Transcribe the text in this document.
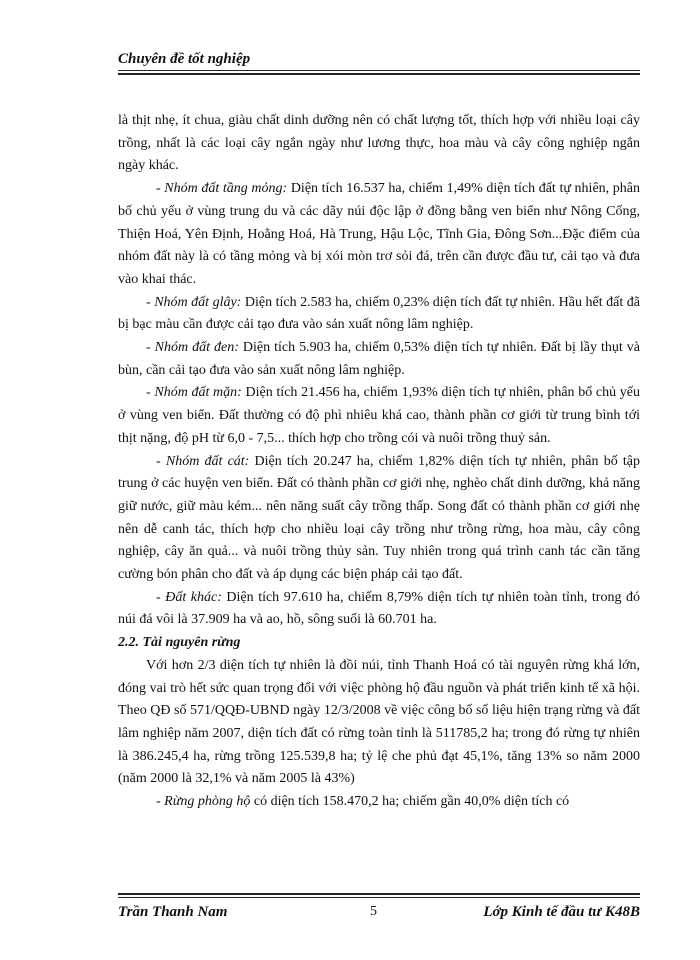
Chuyên đề tốt nghiệp

là thịt nhẹ, ít chua, giàu chất dinh dưỡng nên có chất lượng tốt, thích hợp với nhiều loại cây trồng, nhất là các loại cây ngắn ngày như lương thực, hoa màu và cây công nghiệp ngắn ngày khác.

- Nhóm đất tầng mỏng: Diện tích 16.537 ha, chiếm 1,49% diện tích đất tự nhiên, phân bố chủ yếu ở vùng trung du và các dãy núi độc lập ở đồng bằng ven biển như Nông Cống, Thiện Hoá, Yên Định, Hoằng Hoá, Hà Trung, Hậu Lộc, Tĩnh Gia, Đông Sơn...Đặc điểm của nhóm đất này là có tầng mỏng và bị xói mòn trơ sỏi đá, trên cần được đầu tư, cải tạo và đưa vào khai thác.

- Nhóm đất glây: Diện tích 2.583 ha, chiếm 0,23% diện tích đất tự nhiên. Hầu hết đất đã bị bạc màu cần được cải tạo đưa vào sản xuất nông lâm nghiệp.

- Nhóm đất đen: Diện tích 5.903 ha, chiếm 0,53% diện tích tự nhiên. Đất bị lầy thụt và bùn, cần cải tạo đưa vào sản xuất nông lâm nghiệp.

- Nhóm đất mặn: Diện tích 21.456 ha, chiếm 1,93% diện tích tự nhiên, phân bố chủ yếu ở vùng ven biển. Đất thường có độ phì nhiêu khá cao, thành phần cơ giới từ trung bình tới thịt nặng, độ pH từ 6,0 - 7,5... thích hợp cho trồng cói và nuôi trồng thuỷ sản.

- Nhóm đất cát: Diện tích 20.247 ha, chiếm 1,82% diện tích tự nhiên, phân bố tập trung ở các huyện ven biển. Đất có thành phần cơ giới nhẹ, nghèo chất dinh dưỡng, khả năng giữ nước, giữ màu kém... nên năng suất cây trồng thấp. Song đất có thành phần cơ giới nhẹ nên dễ canh tác, thích hợp cho nhiều loại cây trồng như trồng rừng, hoa màu, cây công nghiệp, cây ăn quả... và nuôi trồng thủy sản. Tuy nhiên trong quá trình canh tác cần tăng cường bón phân cho đất và áp dụng các biện pháp cải tạo đất.

- Đất khác: Diện tích 97.610 ha, chiếm 8,79% diện tích tự nhiên toàn tỉnh, trong đó núi đá vôi là 37.909 ha và ao, hồ, sông suối là 60.701 ha.

2.2. Tài nguyên rừng

Với hơn 2/3 diện tích tự nhiên là đồi núi, tỉnh Thanh Hoá có tài nguyên rừng khá lớn, đóng vai trò hết sức quan trọng đối với việc phòng hộ đầu nguồn và phát triển kinh tế xã hội. Theo QĐ số 571/QQĐ-UBND ngày 12/3/2008 về việc công bố số liệu hiện trạng rừng và đất lâm nghiệp năm 2007, diện tích đất có rừng toàn tỉnh là 511785,2 ha; trong đó rừng tự nhiên là 386.245,4 ha, rừng trồng 125.539,8 ha; tỷ lệ che phủ đạt 45,1%, tăng 13% so năm 2000 (năm 2000 là 32,1% và năm 2005 là 43%)

- Rừng phòng hộ có diện tích 158.470,2 ha; chiếm gần 40,0% diện tích có

Trần Thanh Nam	5	Lớp Kinh tế đầu tư K48B
